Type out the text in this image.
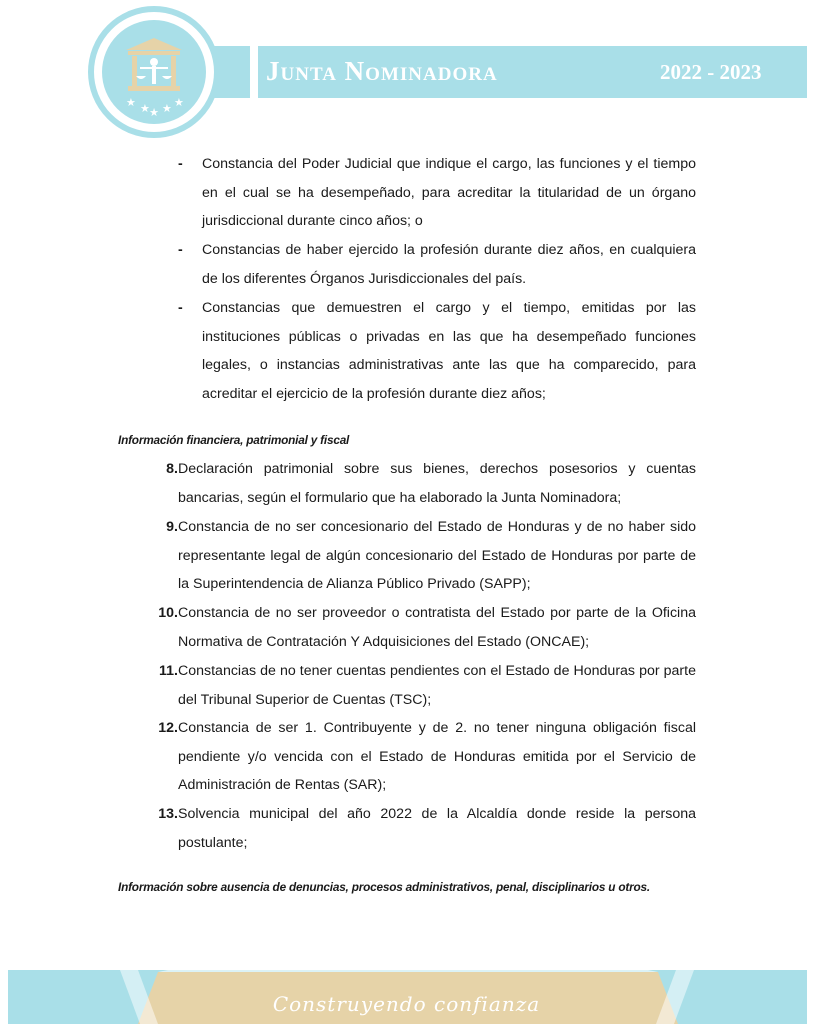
Junta Nominadora	2022 - 2023
★ ★ ★ ★ ★
- Constancia del Poder Judicial que indique el cargo, las funciones y el tiempo en el cual se ha desempeñado, para acreditar la titularidad de un órgano jurisdiccional durante cinco años; o
- Constancias de haber ejercido la profesión durante diez años, en cualquiera de los diferentes Órganos Jurisdiccionales del país.
- Constancias que demuestren el cargo y el tiempo, emitidas por las instituciones públicas o privadas en las que ha desempeñado funciones legales, o instancias administrativas ante las que ha comparecido, para acreditar el ejercicio de la profesión durante diez años;
Información financiera, patrimonial y fiscal
8. Declaración patrimonial sobre sus bienes, derechos posesorios y cuentas bancarias, según el formulario que ha elaborado la Junta Nominadora;
9. Constancia de no ser concesionario del Estado de Honduras y de no haber sido representante legal de algún concesionario del Estado de Honduras por parte de la Superintendencia de Alianza Público Privado (SAPP);
10. Constancia de no ser proveedor o contratista del Estado por parte de la Oficina Normativa de Contratación Y Adquisiciones del Estado (ONCAE);
11. Constancias de no tener cuentas pendientes con el Estado de Honduras por parte del Tribunal Superior de Cuentas (TSC);
12. Constancia de ser 1. Contribuyente y de 2. no tener ninguna obligación fiscal pendiente y/o vencida con el Estado de Honduras emitida por el Servicio de Administración de Rentas (SAR);
13. Solvencia municipal del año 2022 de la Alcaldía donde reside la persona postulante;
Información sobre ausencia de denuncias, procesos administrativos, penal, disciplinarios u otros.
Construyendo confianza
